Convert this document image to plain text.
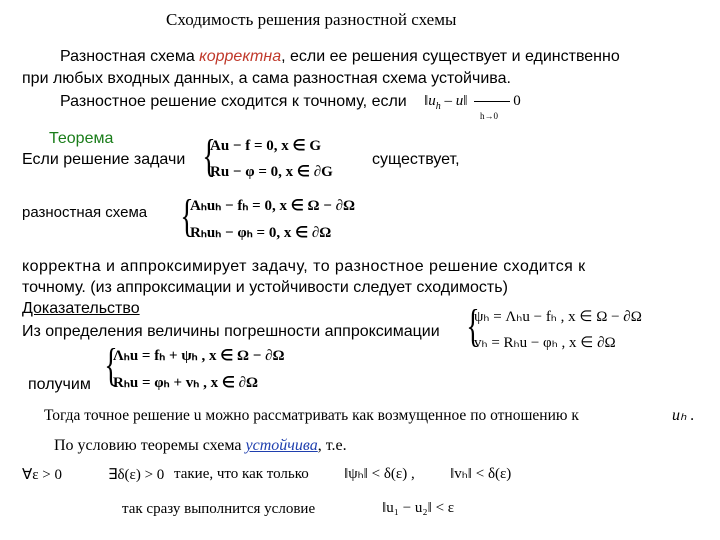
Сходимость решения разностной схемы
Разностная схема корректна, если ее решения существует и единственно
при любых входных данных, а сама разностная схема устойчива.
Разностное решение сходится к точному, если $‖u_h$ – u‖	0
h→0
Теорема
Если решение задачи	существует,
{
Au − f = 0, x ∈ G
Ru − φ = 0, x ∈ ∂G
разностная схема {
Aₕuₕ − fₕ = 0, x ∈ Ω − ∂Ω
Rₕuₕ − φₕ = 0, x ∈ ∂Ω
корректна и аппроксимирует задачу, то разностное решение сходится к
точному. (из аппроксимации и устойчивости следует сходимость)
Доказательство
Из определения величины погрешности аппроксимации {
ψₕ = Λₕu − fₕ , x ∈ Ω − ∂Ω
vₕ = Rₕu − φₕ , x ∈ ∂Ω
{
Λₕu = fₕ + ψₕ , x ∈ Ω − ∂Ω
Rₕu = φₕ + vₕ , x ∈ ∂Ω
получим
Тогда точное решение u можно рассматривать как возмущенное по отношению к	uₕ .
По условию теоремы схема устойчива, т.е.
∀ε > 0	∃δ(ε) > 0 такие, что как только ‖ψₕ‖ < δ(ε) , ‖vₕ‖ < δ(ε)
так сразу выполнится условие	‖u₁ − u₂‖ < ε
